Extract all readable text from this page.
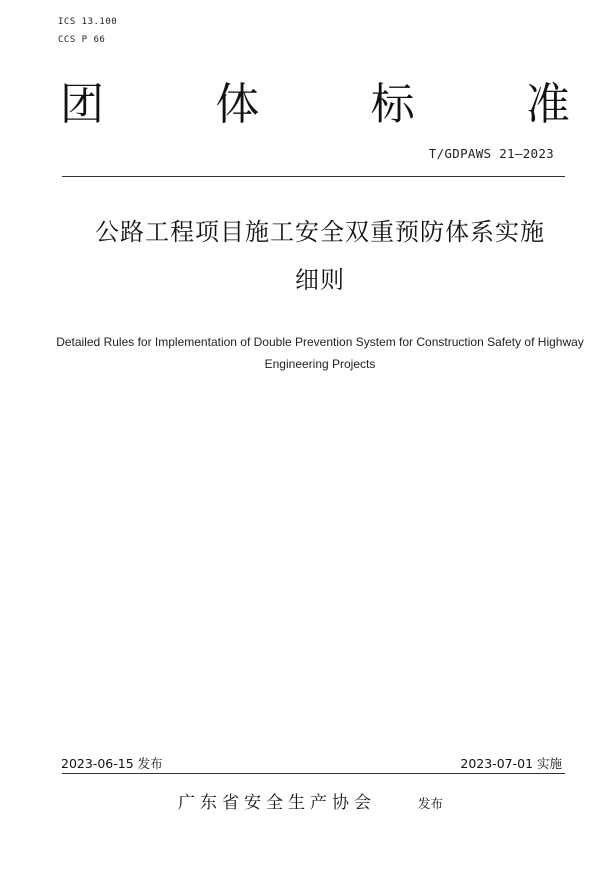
ICS 13.100
CCS P 66
团	体	标	准
T/GDPAWS 21—2023
公路工程项目施工安全双重预防体系实施
细则
Detailed Rules for Implementation of Double Prevention System for Construction Safety of Highway
Engineering Projects
2023-06-15 发布	2023-07-01 实施
广东省安全生产协会	发布
